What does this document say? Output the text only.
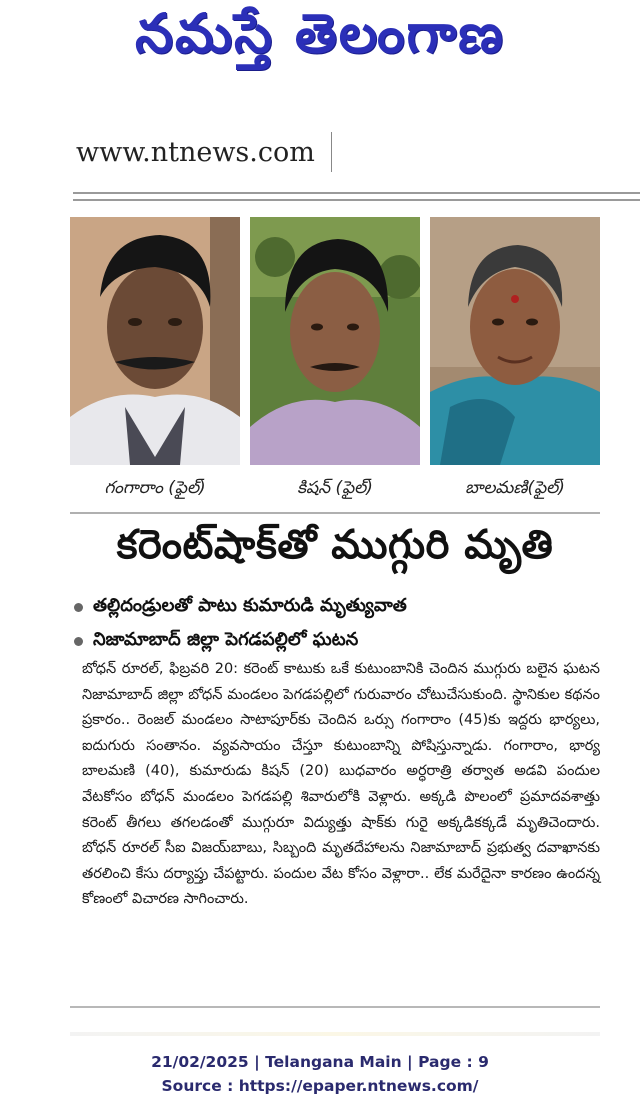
నమస్తే తెలంగాణ
www.ntnews.com
గంగారాం (ఫైల్)	కిషన్ (ఫైల్)	బాలమణి(ఫైల్)
కరెంట్‌షాక్‌తో ముగ్గురి మృతి
తల్లిదండ్రులతో పాటు కుమారుడి మృత్యువాత
నిజామాబాద్ జిల్లా పెగడపల్లిలో ఘటన
బోధన్ రూరల్, ఫిబ్రవరి 20: కరెంట్ కాటుకు ఒకే కుటుంబానికి చెందిన ముగ్గురు బలైన ఘటన నిజామాబాద్ జిల్లా బోధన్ మండలం పెగడపల్లిలో గురువారం చోటుచేసుకుంది. స్థానికుల కథనం ప్రకారం.. రెంజల్ మండలం సాటాపూర్‌కు చెందిన ఒర్సు గంగారాం (45)కు ఇద్దరు భార్యలు, ఐదుగురు సంతానం. వ్యవసాయం చేస్తూ కుటుంబాన్ని పోషిస్తున్నాడు. గంగారాం, భార్య బాలమణి (40), కుమారుడు కిషన్ (20) బుధవారం అర్ధరాత్రి తర్వాత అడవి పందుల వేటకోసం బోధన్ మండలం పెగడపల్లి శివారులోకి వెళ్లారు. అక్కడి పొలంలో ప్రమాదవశాత్తు కరెంట్ తీగలు తగలడంతో ముగ్గురూ విద్యుత్తు షాక్‌కు గురై అక్కడికక్కడే మృతిచెందారు. బోధన్ రూరల్ సీఐ విజయ్‌బాబు, సిబ్బంది మృతదేహాలను నిజామాబాద్ ప్రభుత్వ దవాఖానకు తరలించి కేసు దర్యాప్తు చేపట్టారు. పందుల వేట కోసం వెళ్లారా.. లేక మరేదైనా కారణం ఉందన్న కోణంలో విచారణ సాగించారు.
21/02/2025 | Telangana Main | Page : 9
Source : https://epaper.ntnews.com/
